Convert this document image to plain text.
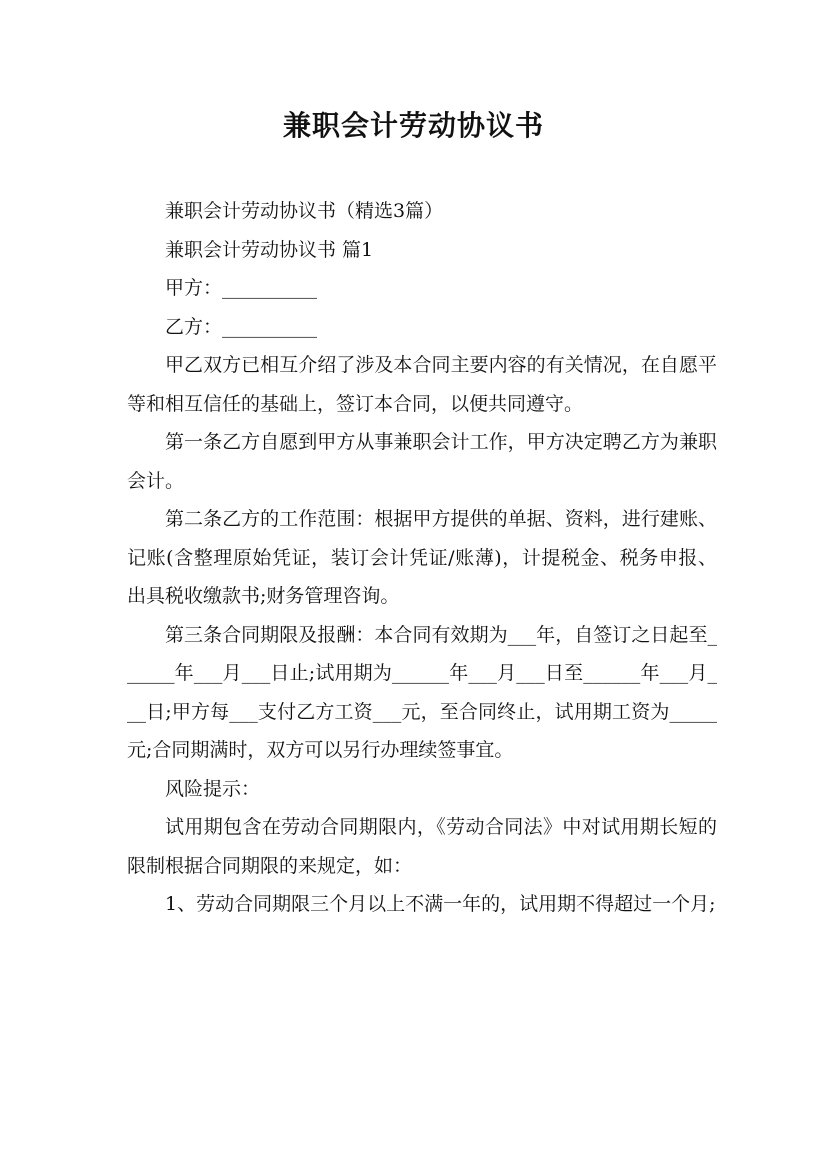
兼职会计劳动协议书

兼职会计劳动协议书（精选3篇）

兼职会计劳动协议书 篇1

甲方：__________

乙方：__________

甲乙双方已相互介绍了涉及本合同主要内容的有关情况，在自愿平等和相互信任的基础上，签订本合同，以便共同遵守。

第一条乙方自愿到甲方从事兼职会计工作，甲方决定聘乙方为兼职会计。

第二条乙方的工作范围：根据甲方提供的单据、资料，进行建账、记账(含整理原始凭证，装订会计凭证/账薄)，计提税金、税务申报、出具税收缴款书;财务管理咨询。

第三条合同期限及报酬：本合同有效期为___年，自签订之日起至______年___月___日止;试用期为______年___月___日至______年___月___日;甲方每___支付乙方工资___元，至合同终止，试用期工资为_____元;合同期满时，双方可以另行办理续签事宜。

风险提示：

试用期包含在劳动合同期限内，《劳动合同法》中对试用期长短的限制根据合同期限的来规定，如：

1、劳动合同期限三个月以上不满一年的，试用期不得超过一个月;
